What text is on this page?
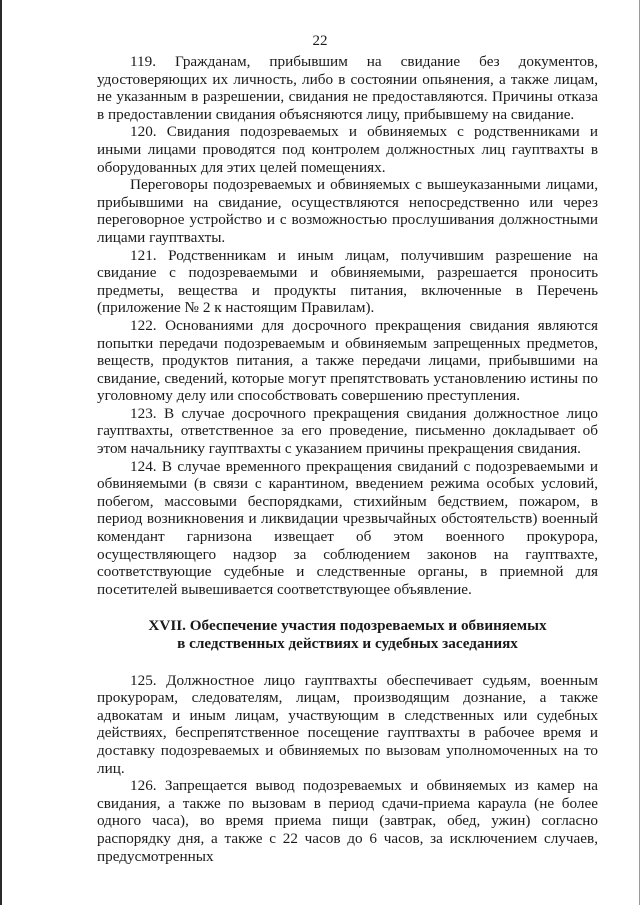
22

119. Гражданам, прибывшим на свидание без документов, удостоверяющих их личность, либо в состоянии опьянения, а также лицам, не указанным в разрешении, свидания не предоставляются. Причины отказа в предоставлении свидания объясняются лицу, прибывшему на свидание.

120. Свидания подозреваемых и обвиняемых с родственниками и иными лицами проводятся под контролем должностных лиц гауптвахты в оборудованных для этих целей помещениях.

Переговоры подозреваемых и обвиняемых с вышеуказанными лицами, прибывшими на свидание, осуществляются непосредственно или через переговорное устройство и с возможностью прослушивания должностными лицами гауптвахты.

121. Родственникам и иным лицам, получившим разрешение на свидание с подозреваемыми и обвиняемыми, разрешается проносить предметы, вещества и продукты питания, включенные в Перечень (приложение № 2 к настоящим Правилам).

122. Основаниями для досрочного прекращения свидания являются попытки передачи подозреваемым и обвиняемым запрещенных предметов, веществ, продуктов питания, а также передачи лицами, прибывшими на свидание, сведений, которые могут препятствовать установлению истины по уголовному делу или способствовать совершению преступления.

123. В случае досрочного прекращения свидания должностное лицо гауптвахты, ответственное за его проведение, письменно докладывает об этом начальнику гауптвахты с указанием причины прекращения свидания.

124. В случае временного прекращения свиданий с подозреваемыми и обвиняемыми (в связи с карантином, введением режима особых условий, побегом, массовыми беспорядками, стихийным бедствием, пожаром, в период возникновения и ликвидации чрезвычайных обстоятельств) военный комендант гарнизона извещает об этом военного прокурора, осуществляющего надзор за соблюдением законов на гауптвахте, соответствующие судебные и следственные органы, в приемной для посетителей вывешивается соответствующее объявление.

XVII. Обеспечение участия подозреваемых и обвиняемых
в следственных действиях и судебных заседаниях

125. Должностное лицо гауптвахты обеспечивает судьям, военным прокурорам, следователям, лицам, производящим дознание, а также адвокатам и иным лицам, участвующим в следственных или судебных действиях, беспрепятственное посещение гауптвахты в рабочее время и доставку подозреваемых и обвиняемых по вызовам уполномоченных на то лиц.

126. Запрещается вывод подозреваемых и обвиняемых из камер на свидания, а также по вызовам в период сдачи-приема караула (не более одного часа), во время приема пищи (завтрак, обед, ужин) согласно распорядку дня, а также с 22 часов до 6 часов, за исключением случаев, предусмотренных
